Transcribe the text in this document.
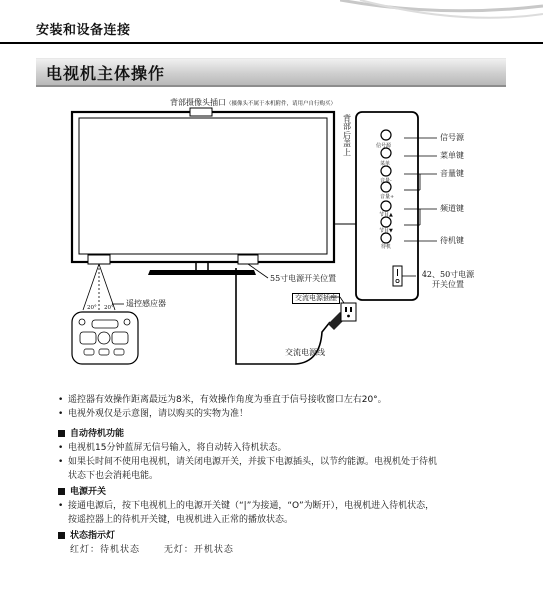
安装和设备连接
电视机主体操作
背部摄像头插口（摄像头不属于本机附件，请用户自行购买）
背部后盖上
信号源
菜单
音量-
音量+
节目▲
节目▼
待机
信号源
菜单键
音量键
频道键
待机键
42、50寸电源开关位置
55寸电源开关位置
交流电源插座
交流电源线
遥控感应器
20° 20°

• 遥控器有效操作距离最远为8米，有效操作角度为垂直于信号接收窗口左右20°。

• 电视外观仅是示意图，请以购买的实物为准！

自动待机功能

• 电视机15分钟蓝屏无信号输入，将自动转入待机状态。

• 如果长时间不使用电视机，请关闭电源开关，并拔下电源插头，以节约能源。电视机处于待机

状态下也会消耗电能。

电源开关

• 接通电源后，按下电视机上的电源开关键（“|”为接通，“O”为断开），电视机进入待机状态，

按遥控器上的待机开关键，电视机进入正常的播放状态。

状态指示灯

红灯：待机状态	无灯：开机状态
